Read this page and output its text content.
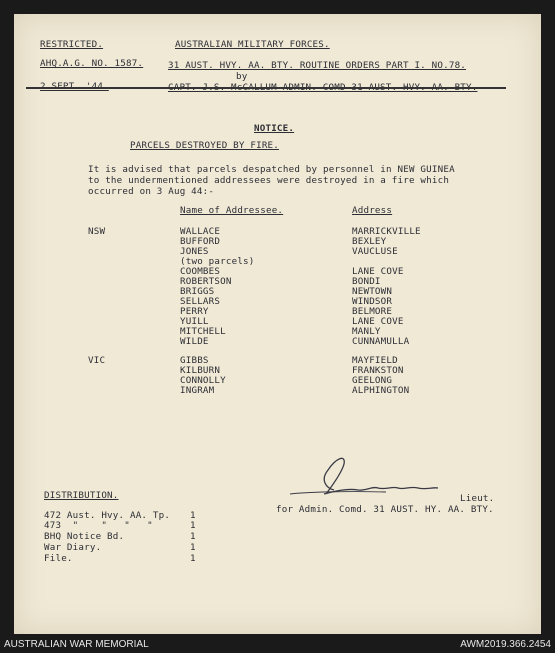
RESTRICTED.
AHQ.A.G. NO. 1587.
AUSTRALIAN MILITARY FORCES.
31 AUST. HVY. AA. BTY. ROUTINE ORDERS PART I. NO.78.
by
NOTICE.
PARCELS DESTROYED BY FIRE.
It is advised that parcels despatched by personnel in NEW GUINEA
to the undermentioned addressees were destroyed in a fire which
occurred on 3 Aug 44:-
Name of Addressee.	Address
NSW	WALLACE	MARRICKVILLE
BUFFORD	BEXLEY
JONES	VAUCLUSE
(two parcels)
COOMBES	LANE COVE
ROBERTSON	BONDI
BRIGGS	NEWTOWN
SELLARS	WINDSOR
PERRY	BELMORE
YUILL	LANE COVE
MITCHELL	MANLY
WILDE	CUNNAMULLA
VIC	GIBBS	MAYFIELD
KILBURN	FRANKSTON
CONNOLLY	GEELONG
INGRAM	ALPHINGTON
Lieut.
for Admin. Comd. 31 AUST. HY. AA. BTY.
DISTRIBUTION.
472 Aust. Hvy. AA. Tp. 1
473  "    "   "   "	1
BHQ Notice Bd.	1
War Diary.	1
File.	1
AUSTRALIAN WAR MEMORIAL	AWM2019.366.2454
